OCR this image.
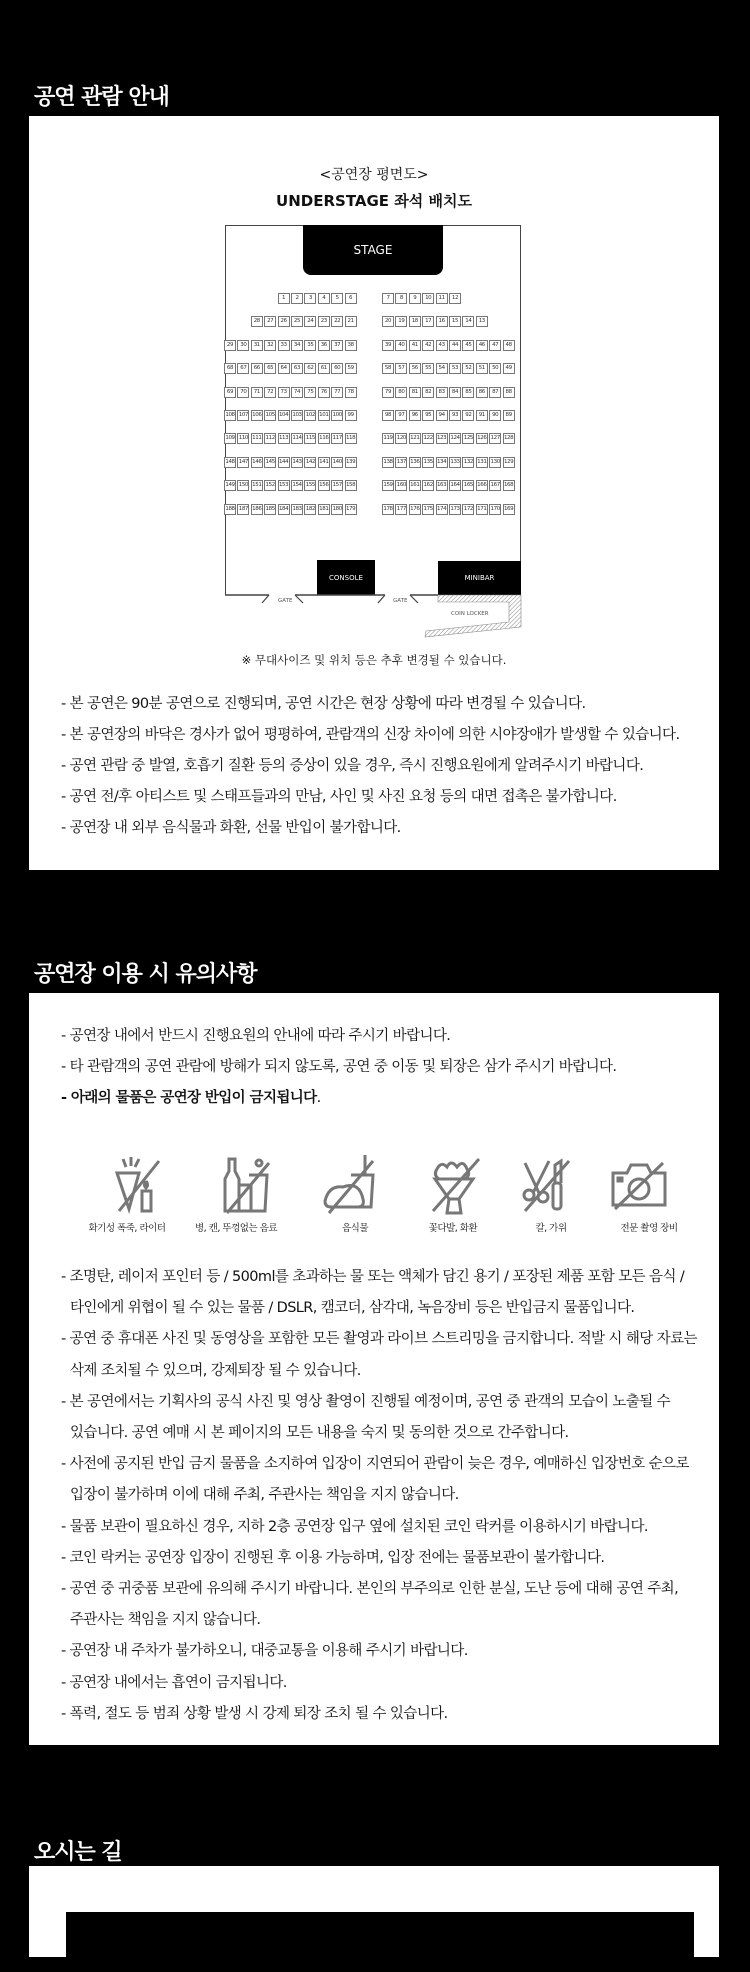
공연 관람 안내
<공연장 평면도>
UNDERSTAGE 좌석 배치도
STAGE
1	2	3	4	5	6	7	8	9	10	11	12
28	27	26	25	24	23	22	21	20	19	18	17	16	15	14	13
29	30	31	32	33	34	35	36	37	38	39	40	41	42	43	44	45	46	47	48
68	67	66	65	64	63	62	61	60	59	58	57	56	55	54	53	52	51	50	49
69	70	71	72	73	74	75	76	77	78	79	80	81	82	83	84	85	86	87	88
108 107 106 105 104 103 102 101 100	99	98	97	96	95	94	93	92	91	90	89
109 110 111 112 113 114 115 116 117 118	119 120 121 122 123 124 125 126 127 128
148 147 146 145 144 143 142 141 140 139	138 137 136 135 134 133 132 131 130 129
149 150 151 152 153 154 155 156 157 158	159 160 161 162 163 164 165 166 167 168
188 187 186 185 184 183 182 181 180 179	178 177 176 175 174 173 172 171 170 169
CONSOLE	MINIBAR
GATE	GATE
COIN LOCKER
※ 무대사이즈 및 위치 등은 추후 변경될 수 있습니다.
- 본 공연은 90분 공연으로 진행되며, 공연 시간은 현장 상황에 따라 변경될 수 있습니다.
- 본 공연장의 바닥은 경사가 없어 평평하여, 관람객의 신장 차이에 의한 시야장애가 발생할 수 있습니다.
- 공연 관람 중 발열, 호흡기 질환 등의 증상이 있을 경우, 즉시 진행요원에게 알려주시기 바랍니다.
- 공연 전/후 아티스트 및 스태프들과의 만남, 사인 및 사진 요청 등의 대면 접촉은 불가합니다.
- 공연장 내 외부 음식물과 화환, 선물 반입이 불가합니다.
공연장 이용 시 유의사항
- 공연장 내에서 반드시 진행요원의 안내에 따라 주시기 바랍니다.
- 타 관람객의 공연 관람에 방해가 되지 않도록, 공연 중 이동 및 퇴장은 삼가 주시기 바랍니다.
- 아래의 물품은 공연장 반입이 금지됩니다.
화기성 폭죽, 라이터	병, 캔, 뚜껑없는 음료	음식물	꽃다발, 화환	칼, 가위	전문 촬영 장비
- 조명탄, 레이저 포인터 등 / 500ml를 초과하는 물 또는 액체가 담긴 용기 / 포장된 제품 포함 모든 음식 /
타인에게 위협이 될 수 있는 물품 / DSLR, 캠코더, 삼각대, 녹음장비 등은 반입금지 물품입니다.
- 공연 중 휴대폰 사진 및 동영상을 포함한 모든 촬영과 라이브 스트리밍을 금지합니다. 적발 시 해당 자료는
삭제 조치될 수 있으며, 강제퇴장 될 수 있습니다.
- 본 공연에서는 기획사의 공식 사진 및 영상 촬영이 진행될 예정이며, 공연 중 관객의 모습이 노출될 수
있습니다. 공연 예매 시 본 페이지의 모든 내용을 숙지 및 동의한 것으로 간주합니다.
- 사전에 공지된 반입 금지 물품을 소지하여 입장이 지연되어 관람이 늦은 경우, 예매하신 입장번호 순으로
입장이 불가하며 이에 대해 주최, 주관사는 책임을 지지 않습니다.
- 물품 보관이 필요하신 경우, 지하 2층 공연장 입구 옆에 설치된 코인 락커를 이용하시기 바랍니다.
- 코인 락커는 공연장 입장이 진행된 후 이용 가능하며, 입장 전에는 물품보관이 불가합니다.
- 공연 중 귀중품 보관에 유의해 주시기 바랍니다. 본인의 부주의로 인한 분실, 도난 등에 대해 공연 주최,
주관사는 책임을 지지 않습니다.
- 공연장 내 주차가 불가하오니, 대중교통을 이용해 주시기 바랍니다.
- 공연장 내에서는 흡연이 금지됩니다.
- 폭력, 절도 등 범죄 상황 발생 시 강제 퇴장 조치 될 수 있습니다.
오시는 길
